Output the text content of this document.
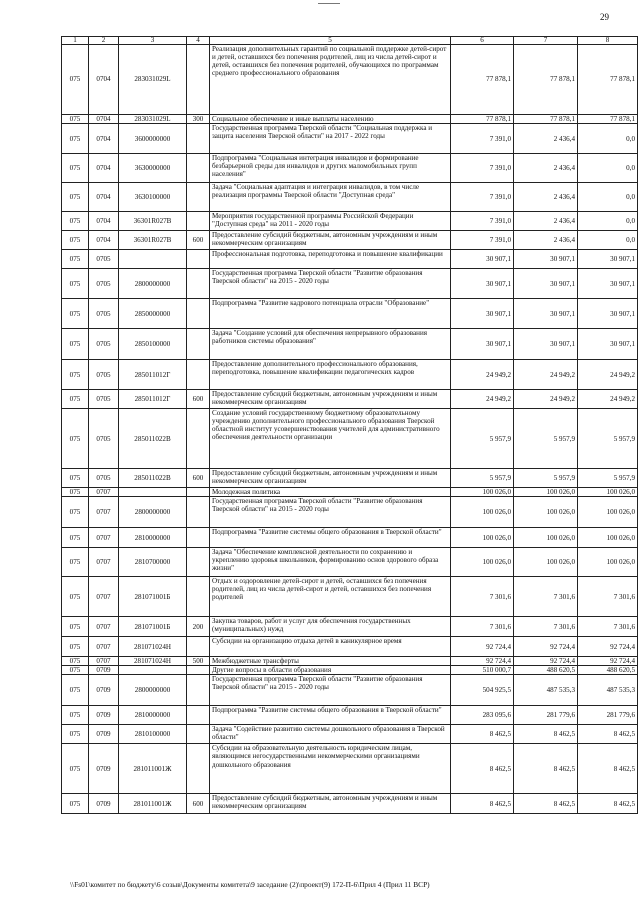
29
1	2	3	4	5	6	7	8
075	0704	283031029L		Реализация дополнительных гарантий по социальной поддержке детей-сирот и детей, оставшихся без попечения родителей, лиц из числа детей-сирот и детей, оставшихся без попечения родителей, обучающихся по программам среднего профессионального образования	77 878,1	77 878,1	77 878,1
075	0704	283031029L	300	Социальное обеспечение и иные выплаты населению	77 878,1	77 878,1	77 878,1
075	0704	3600000000		Государственная программа Тверской области "Социальная поддержка и защита населения Тверской области" на 2017 - 2022 годы	7 391,0	2 436,4	0,0
075	0704	3630000000		Подпрограмма "Социальная интеграция инвалидов и формирование безбарьерной среды для инвалидов и других маломобильных групп населения"	7 391,0	2 436,4	0,0
075	0704	3630100000		Задача "Социальная адаптация и интеграция инвалидов, в том числе реализация программы Тверской области "Доступная среда"	7 391,0	2 436,4	0,0
075	0704	36301R027B		Мероприятия государственной программы Российской Федерации "Доступная среда" на 2011 - 2020 годы	7 391,0	2 436,4	0,0
075	0704	36301R027B	600	Предоставление субсидий бюджетным, автономным учреждениям и иным некоммерческим организациям	7 391,0	2 436,4	0,0
075	0705			Профессиональная подготовка, переподготовка и повышение квалификации	30 907,1	30 907,1	30 907,1
075	0705	2800000000		Государственная программа Тверской области "Развитие образования Тверской области" на 2015 - 2020 годы	30 907,1	30 907,1	30 907,1
075	0705	2850000000		Подпрограмма "Развитие кадрового потенциала отрасли "Образование"	30 907,1	30 907,1	30 907,1
075	0705	2850100000		Задача "Создание условий для обеспечения непрерывного образования работников системы образования"	30 907,1	30 907,1	30 907,1
075	0705	285011012Г		Предоставление дополнительного профессионального образования, переподготовка, повышение квалификации педагогических кадров	24 949,2	24 949,2	24 949,2
075	0705	285011012Г	600	Предоставление субсидий бюджетным, автономным учреждениям и иным некоммерческим организациям	24 949,2	24 949,2	24 949,2
075	0705	285011022В		Создание условий государственному бюджетному образовательному учреждению дополнительного профессионального образования Тверской областной институт усовершенствования учителей для административного обеспечения деятельности организации	5 957,9	5 957,9	5 957,9
075	0705	285011022В	600	Предоставление субсидий бюджетным, автономным учреждениям и иным некоммерческим организациям	5 957,9	5 957,9	5 957,9
075	0707			Молодежная политика	100 026,0	100 026,0	100 026,0
075	0707	2800000000		Государственная программа Тверской области "Развитие образования Тверской области" на 2015 - 2020 годы	100 026,0	100 026,0	100 026,0
075	0707	2810000000		Подпрограмма "Развитие системы общего образования в Тверской области"	100 026,0	100 026,0	100 026,0
075	0707	2810700000		Задача "Обеспечение комплексной деятельности по сохранению и укреплению здоровья школьников, формированию основ здорового образа жизни"	100 026,0	100 026,0	100 026,0
075	0707	281071001Б		Отдых и оздоровление детей-сирот и детей, оставшихся без попечения родителей, лиц из числа детей-сирот и детей, оставшихся без попечения родителей	7 301,6	7 301,6	7 301,6
075	0707	281071001Б	200	Закупка товаров, работ и услуг для обеспечения государственных (муниципальных) нужд	7 301,6	7 301,6	7 301,6
075	0707	281071024Н		Субсидии на организацию отдыха детей в каникулярное время	92 724,4	92 724,4	92 724,4
075	0707	281071024Н	500	Межбюджетные трансферты	92 724,4	92 724,4	92 724,4
075	0709			Другие вопросы в области образования	510 000,7	488 620,5	488 620,5
075	0709	2800000000		Государственная программа Тверской области "Развитие образования Тверской области" на 2015 - 2020 годы	504 925,5	487 535,3	487 535,3
075	0709	2810000000		Подпрограмма "Развитие системы общего образования в Тверской области"	283 095,6	281 779,6	281 779,6
075	0709	2810100000		Задача "Содействие развитию системы дошкольного образования в Тверской области"	8 462,5	8 462,5	8 462,5
075	0709	281011001Ж		Субсидии на образовательную деятельность юридическим лицам, являющимся негосударственными некоммерческими организациями дошкольного образования	8 462,5	8 462,5	8 462,5
075	0709	281011001Ж	600	Предоставление субсидий бюджетным, автономным учреждениям и иным некоммерческим организациям	8 462,5	8 462,5	8 462,5
\\Fs01\комитет по бюджету\6 созыв\Документы комитета\9 заседание (2)\проект(9) 172-П-6\Прил 4 (Прил 11 ВСР)
